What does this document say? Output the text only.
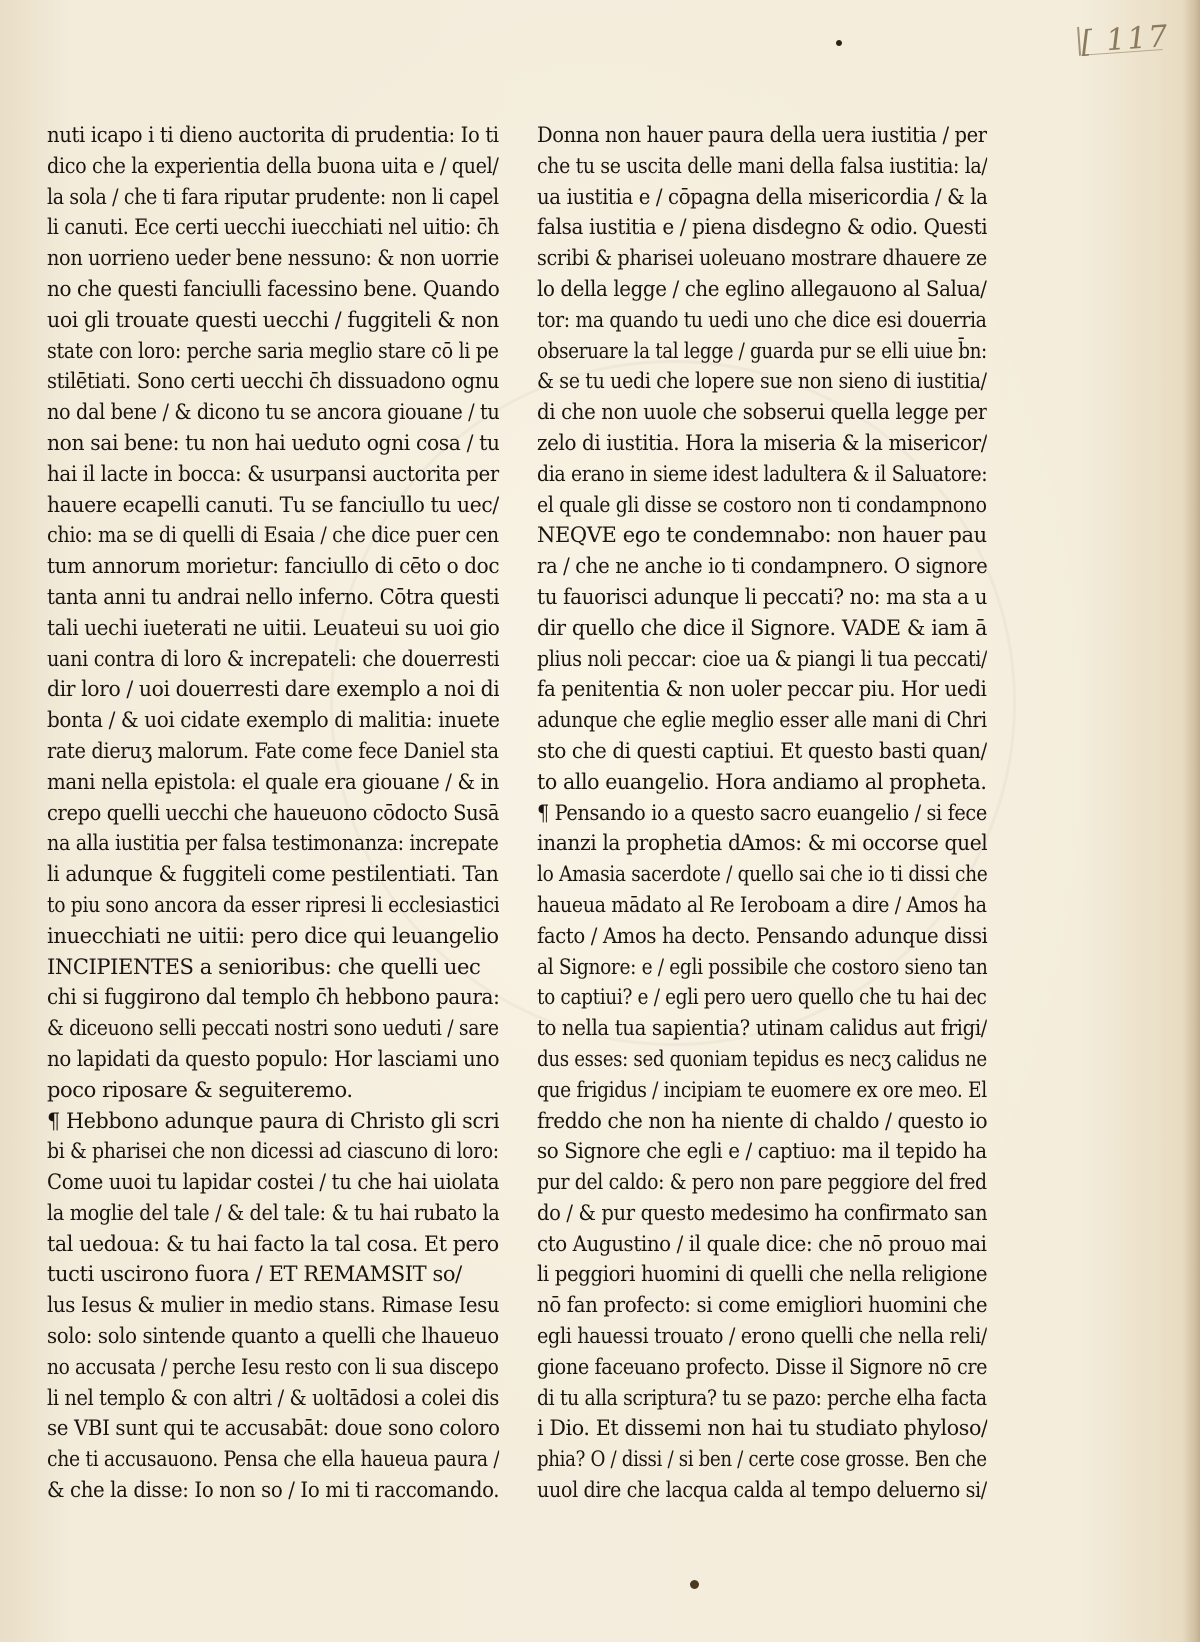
[ 117
nuti icapo i ti dieno auctorita di prudentia: Io ti
dico che la experientia della buona uita e / quel/
la sola / che ti fara riputar prudente: non li capel
li canuti. Ece certi uecchi iuecchiati nel uitio: c̄h
non uorrieno ueder bene nessuno: & non uorrie
no che questi fanciulli facessino bene. Quando
uoi gli trouate questi uecchi / fuggiteli & non
state con loro: perche saria meglio stare cō li pe
stilētiati. Sono certi uecchi c̄h dissuadono ognu
no dal bene / & dicono tu se ancora giouane / tu
non sai bene: tu non hai ueduto ogni cosa / tu
hai il lacte in bocca: & usurpansi auctorita per
hauere ecapelli canuti. Tu se fanciullo tu uec/
chio: ma se di quelli di Esaia / che dice puer cen
tum annorum morietur: fanciullo di cēto o doc
tanta anni tu andrai nello inferno. Cōtra questi
tali uechi iueterati ne uitii. Leuateui su uoi gio
uani contra di loro & increpateli: che douerresti
dir loro / uoi douerresti dare exemplo a noi di
bonta / & uoi cidate exemplo di malitia: inuete
rate dieruʒ malorum. Fate come fece Daniel sta
mani nella epistola: el quale era giouane / & in
crepo quelli uecchi che haueuono cōdocto Susā
na alla iustitia per falsa testimonanza: increpate
li adunque & fuggiteli come pestilentiati. Tan
to piu sono ancora da esser ripresi li ecclesiastici
inuecchiati ne uitii: pero dice qui leuangelio
INCIPIENTES a senioribus: che quelli uec
chi si fuggirono dal templo c̄h hebbono paura:
& diceuono selli peccati nostri sono ueduti / sare
no lapidati da questo populo: Hor lasciami uno
poco riposare & seguiteremo.
¶ Hebbono adunque paura di Christo gli scri
bi & pharisei che non dicessi ad ciascuno di loro:
Come uuoi tu lapidar costei / tu che hai uiolata
la moglie del tale / & del tale: & tu hai rubato la
tal uedoua: & tu hai facto la tal cosa. Et pero
tucti uscirono fuora / ET REMAMSIT so/
lus Iesus & mulier in medio stans. Rimase Iesu
solo: solo sintende quanto a quelli che lhaueuo
no accusata / perche Iesu resto con li sua discepo
li nel templo & con altri / & uoltādosi a colei dis
se VBI sunt qui te accusabāt: doue sono coloro
che ti accusauono. Pensa che ella haueua paura /
& che la disse: Io non so / Io mi ti raccomando.
Donna non hauer paura della uera iustitia / per
che tu se uscita delle mani della falsa iustitia: la/
ua iustitia e / cōpagna della misericordia / & la
falsa iustitia e / piena disdegno & odio. Questi
scribi & pharisei uoleuano mostrare dhauere ze
lo della legge / che eglino allegauono al Salua/
tor: ma quando tu uedi uno che dice esi douerria
obseruare la tal legge / guarda pur se elli uiue b̄n:
& se tu uedi che lopere sue non sieno di iustitia/
di che non uuole che sobserui quella legge per
zelo di iustitia. Hora la miseria & la misericor/
dia erano in sieme idest ladultera & il Saluatore:
el quale gli disse se costoro non ti condampnono
NEQVE ego te condemnabo: non hauer pau
ra / che ne anche io ti condampnero. O signore
tu fauorisci adunque li peccati? no: ma sta a u
dir quello che dice il Signore. VADE & iam ā
plius noli peccar: cioe ua & piangi li tua peccati/
fa penitentia & non uoler peccar piu. Hor uedi
adunque che eglie meglio esser alle mani di Chri
sto che di questi captiui. Et questo basti quan/
to allo euangelio. Hora andiamo al propheta.
¶ Pensando io a questo sacro euangelio / si fece
inanzi la prophetia dAmos: & mi occorse quel
lo Amasia sacerdote / quello sai che io ti dissi che
haueua mādato al Re Ieroboam a dire / Amos ha
facto / Amos ha decto. Pensando adunque dissi
al Signore: e / egli possibile che costoro sieno tan
to captiui? e / egli pero uero quello che tu hai dec
to nella tua sapientia? utinam calidus aut frigi/
dus esses: sed quoniam tepidus es necʒ calidus ne
que frigidus / incipiam te euomere ex ore meo. El
freddo che non ha niente di chaldo / questo io
so Signore che egli e / captiuo: ma il tepido ha
pur del caldo: & pero non pare peggiore del fred
do / & pur questo medesimo ha confirmato san
cto Augustino / il quale dice: che nō prouo mai
li peggiori huomini di quelli che nella religione
nō fan profecto: si come emigliori huomini che
egli hauessi trouato / erono quelli che nella reli/
gione faceuano profecto. Disse il Signore nō cre
di tu alla scriptura? tu se pazo: perche elha facta
i Dio. Et dissemi non hai tu studiato phyloso/
phia? O / dissi / si ben / certe cose grosse. Ben che
uuol dire che lacqua calda al tempo deluerno si/
